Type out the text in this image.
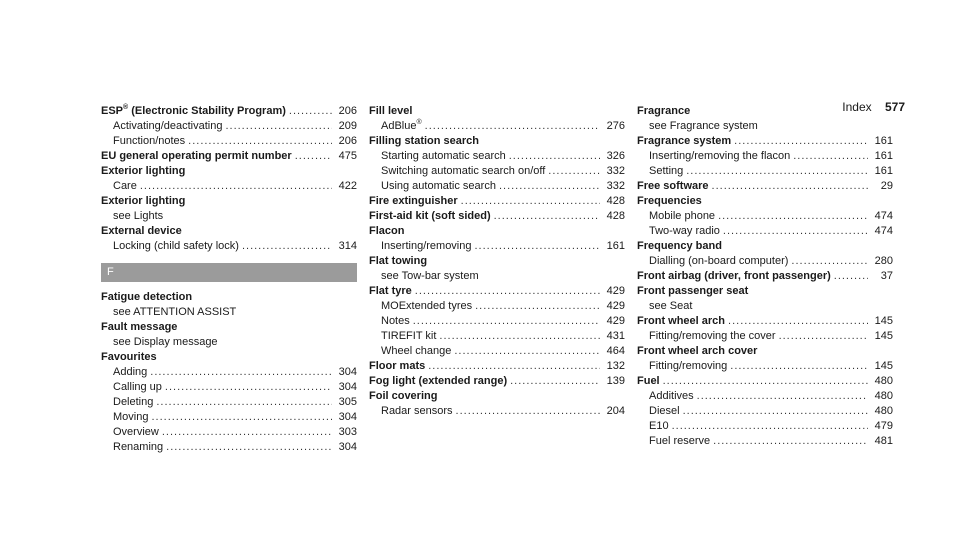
Index 577
ESP® (Electronic Stability Program) .....	206
Activating/deactivating .....	209
Function/notes .....	206
EU general operating permit number .....	475
Exterior lighting
Care .....	422
Exterior lighting
see Lights
External device
Locking (child safety lock) .....	314
F
Fatigue detection
see ATTENTION ASSIST
Fault message
see Display message
Favourites
Adding .....	304
Calling up .....	304
Deleting .....	305
Moving .....	304
Overview .....	303
Renaming .....	304
Fill level
AdBlue® .....	276
Filling station search
Starting automatic search .....	326
Switching automatic search on/off .....	332
Using automatic search .....	332
Fire extinguisher .....	428
First-aid kit (soft sided) .....	428
Flacon
Inserting/removing .....	161
Flat towing
see Tow-bar system
Flat tyre .....	429
MOExtended tyres .....	429
Notes .....	429
TIREFIT kit .....	431
Wheel change .....	464
Floor mats .....	132
Fog light (extended range) .....	139
Foil covering
Radar sensors .....	204
Fragrance
see Fragrance system
Fragrance system .....	161
Inserting/removing the flacon .....	161
Setting .....	161
Free software .....	29
Frequencies
Mobile phone .....	474
Two-way radio .....	474
Frequency band
Dialling (on-board computer) .....	280
Front airbag (driver, front passenger) .....	37
Front passenger seat
see Seat
Front wheel arch .....	145
Fitting/removing the cover .....	145
Front wheel arch cover
Fitting/removing .....	145
Fuel .....	480
Additives .....	480
Diesel .....	480
E10 .....	479
Fuel reserve .....	481
